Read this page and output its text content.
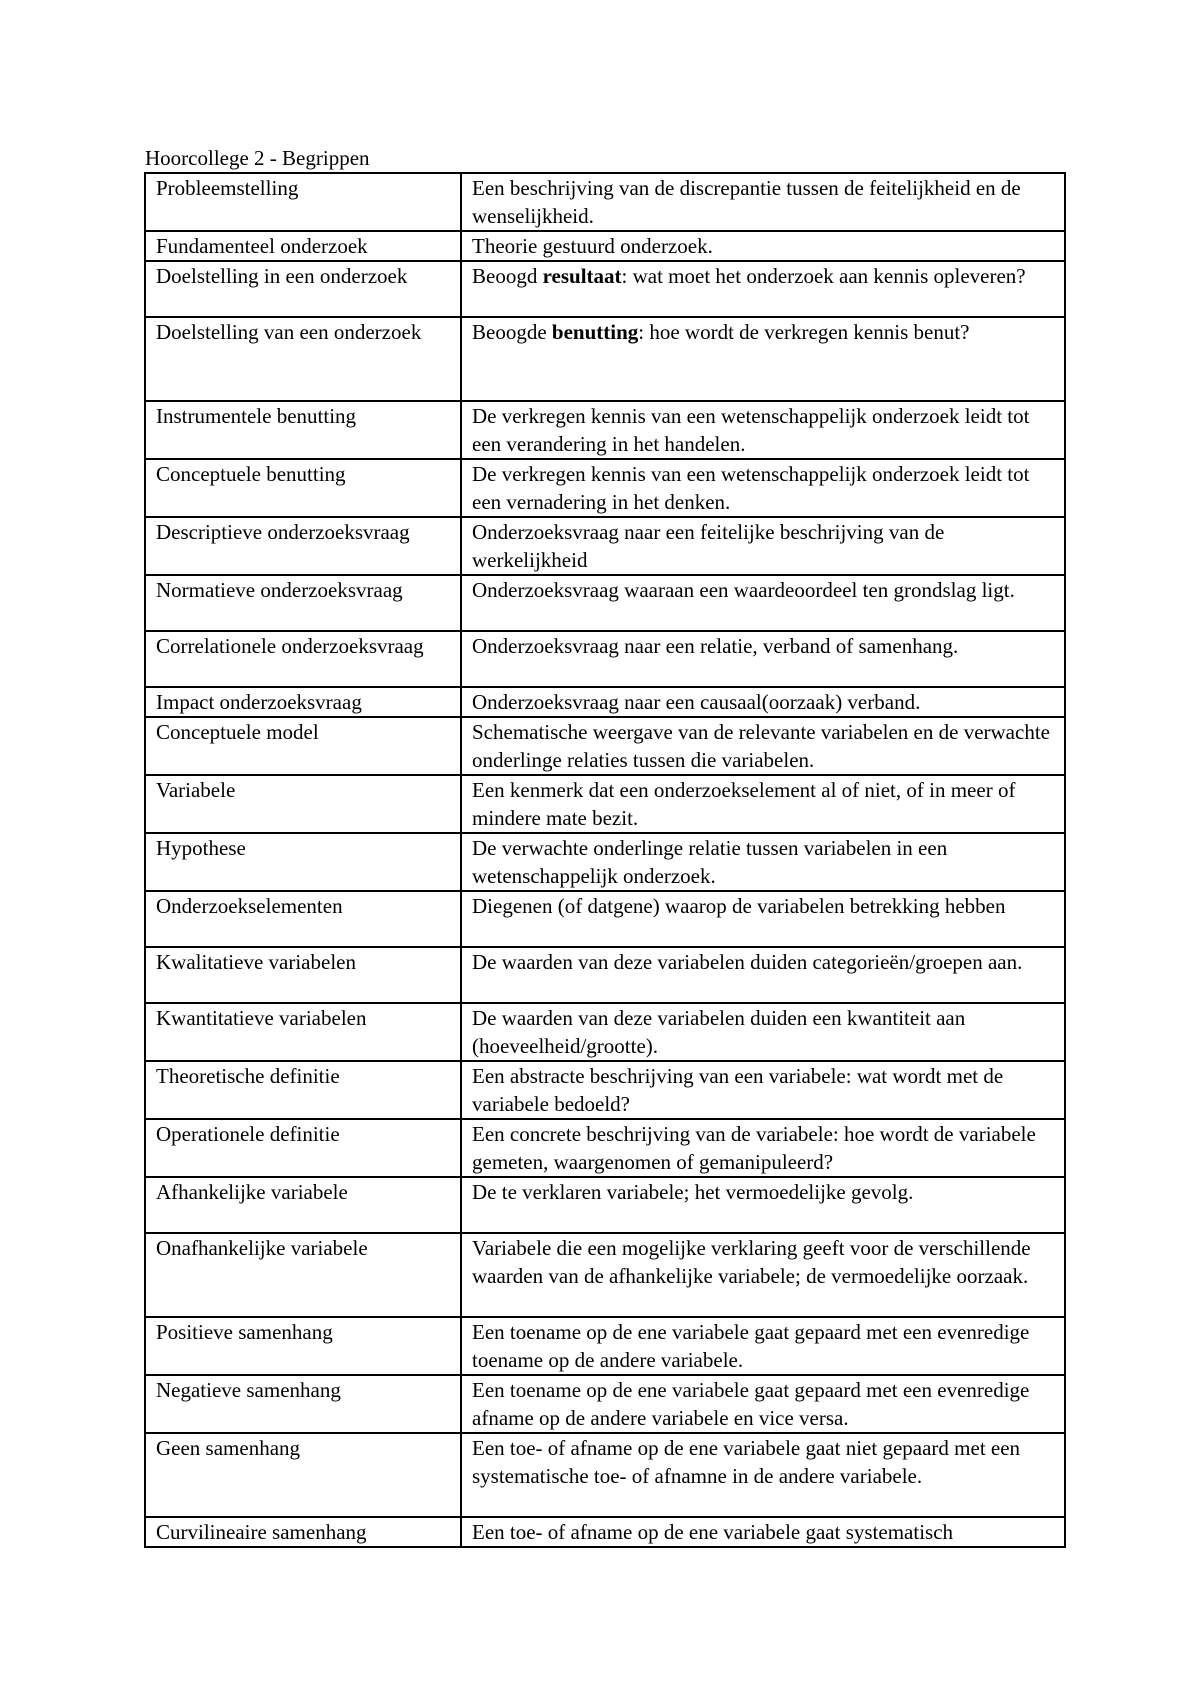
Hoorcollege 2 - Begrippen
Probleemstelling	Een beschrijving van de discrepantie tussen de feitelijkheid en de wenselijkheid.
Fundamenteel onderzoek	Theorie gestuurd onderzoek.
Doelstelling in een onderzoek	Beoogd resultaat: wat moet het onderzoek aan kennis opleveren?
Doelstelling van een onderzoek	Beoogde benutting: hoe wordt de verkregen kennis benut?
Instrumentele benutting	De verkregen kennis van een wetenschappelijk onderzoek leidt tot een verandering in het handelen.
Conceptuele benutting	De verkregen kennis van een wetenschappelijk onderzoek leidt tot een vernadering in het denken.
Descriptieve onderzoeksvraag	Onderzoeksvraag naar een feitelijke beschrijving van de werkelijkheid
Normatieve onderzoeksvraag	Onderzoeksvraag waaraan een waardeoordeel ten grondslag ligt.
Correlationele onderzoeksvraag	Onderzoeksvraag naar een relatie, verband of samenhang.
Impact onderzoeksvraag	Onderzoeksvraag naar een causaal(oorzaak) verband.
Conceptuele model	Schematische weergave van de relevante variabelen en de verwachte onderlinge relaties tussen die variabelen.
Variabele	Een kenmerk dat een onderzoekselement al of niet, of in meer of mindere mate bezit.
Hypothese	De verwachte onderlinge relatie tussen variabelen in een wetenschappelijk onderzoek.
Onderzoekselementen	Diegenen (of datgene) waarop de variabelen betrekking hebben
Kwalitatieve variabelen	De waarden van deze variabelen duiden categorieën/groepen aan.
Kwantitatieve variabelen	De waarden van deze variabelen duiden een kwantiteit aan (hoeveelheid/grootte).
Theoretische definitie	Een abstracte beschrijving van een variabele: wat wordt met de variabele bedoeld?
Operationele definitie	Een concrete beschrijving van de variabele: hoe wordt de variabele gemeten, waargenomen of gemanipuleerd?
Afhankelijke variabele	De te verklaren variabele; het vermoedelijke gevolg.
Onafhankelijke variabele	Variabele die een mogelijke verklaring geeft voor de verschillende waarden van de afhankelijke variabele; de vermoedelijke oorzaak.
Positieve samenhang	Een toename op de ene variabele gaat gepaard met een evenredige toename op de andere variabele.
Negatieve samenhang	Een toename op de ene variabele gaat gepaard met een evenredige afname op de andere variabele en vice versa.
Geen samenhang	Een toe- of afname op de ene variabele gaat niet gepaard met een systematische toe- of afnamne in de andere variabele.
Curvilineaire samenhang	Een toe- of afname op de ene variabele gaat systematisch
